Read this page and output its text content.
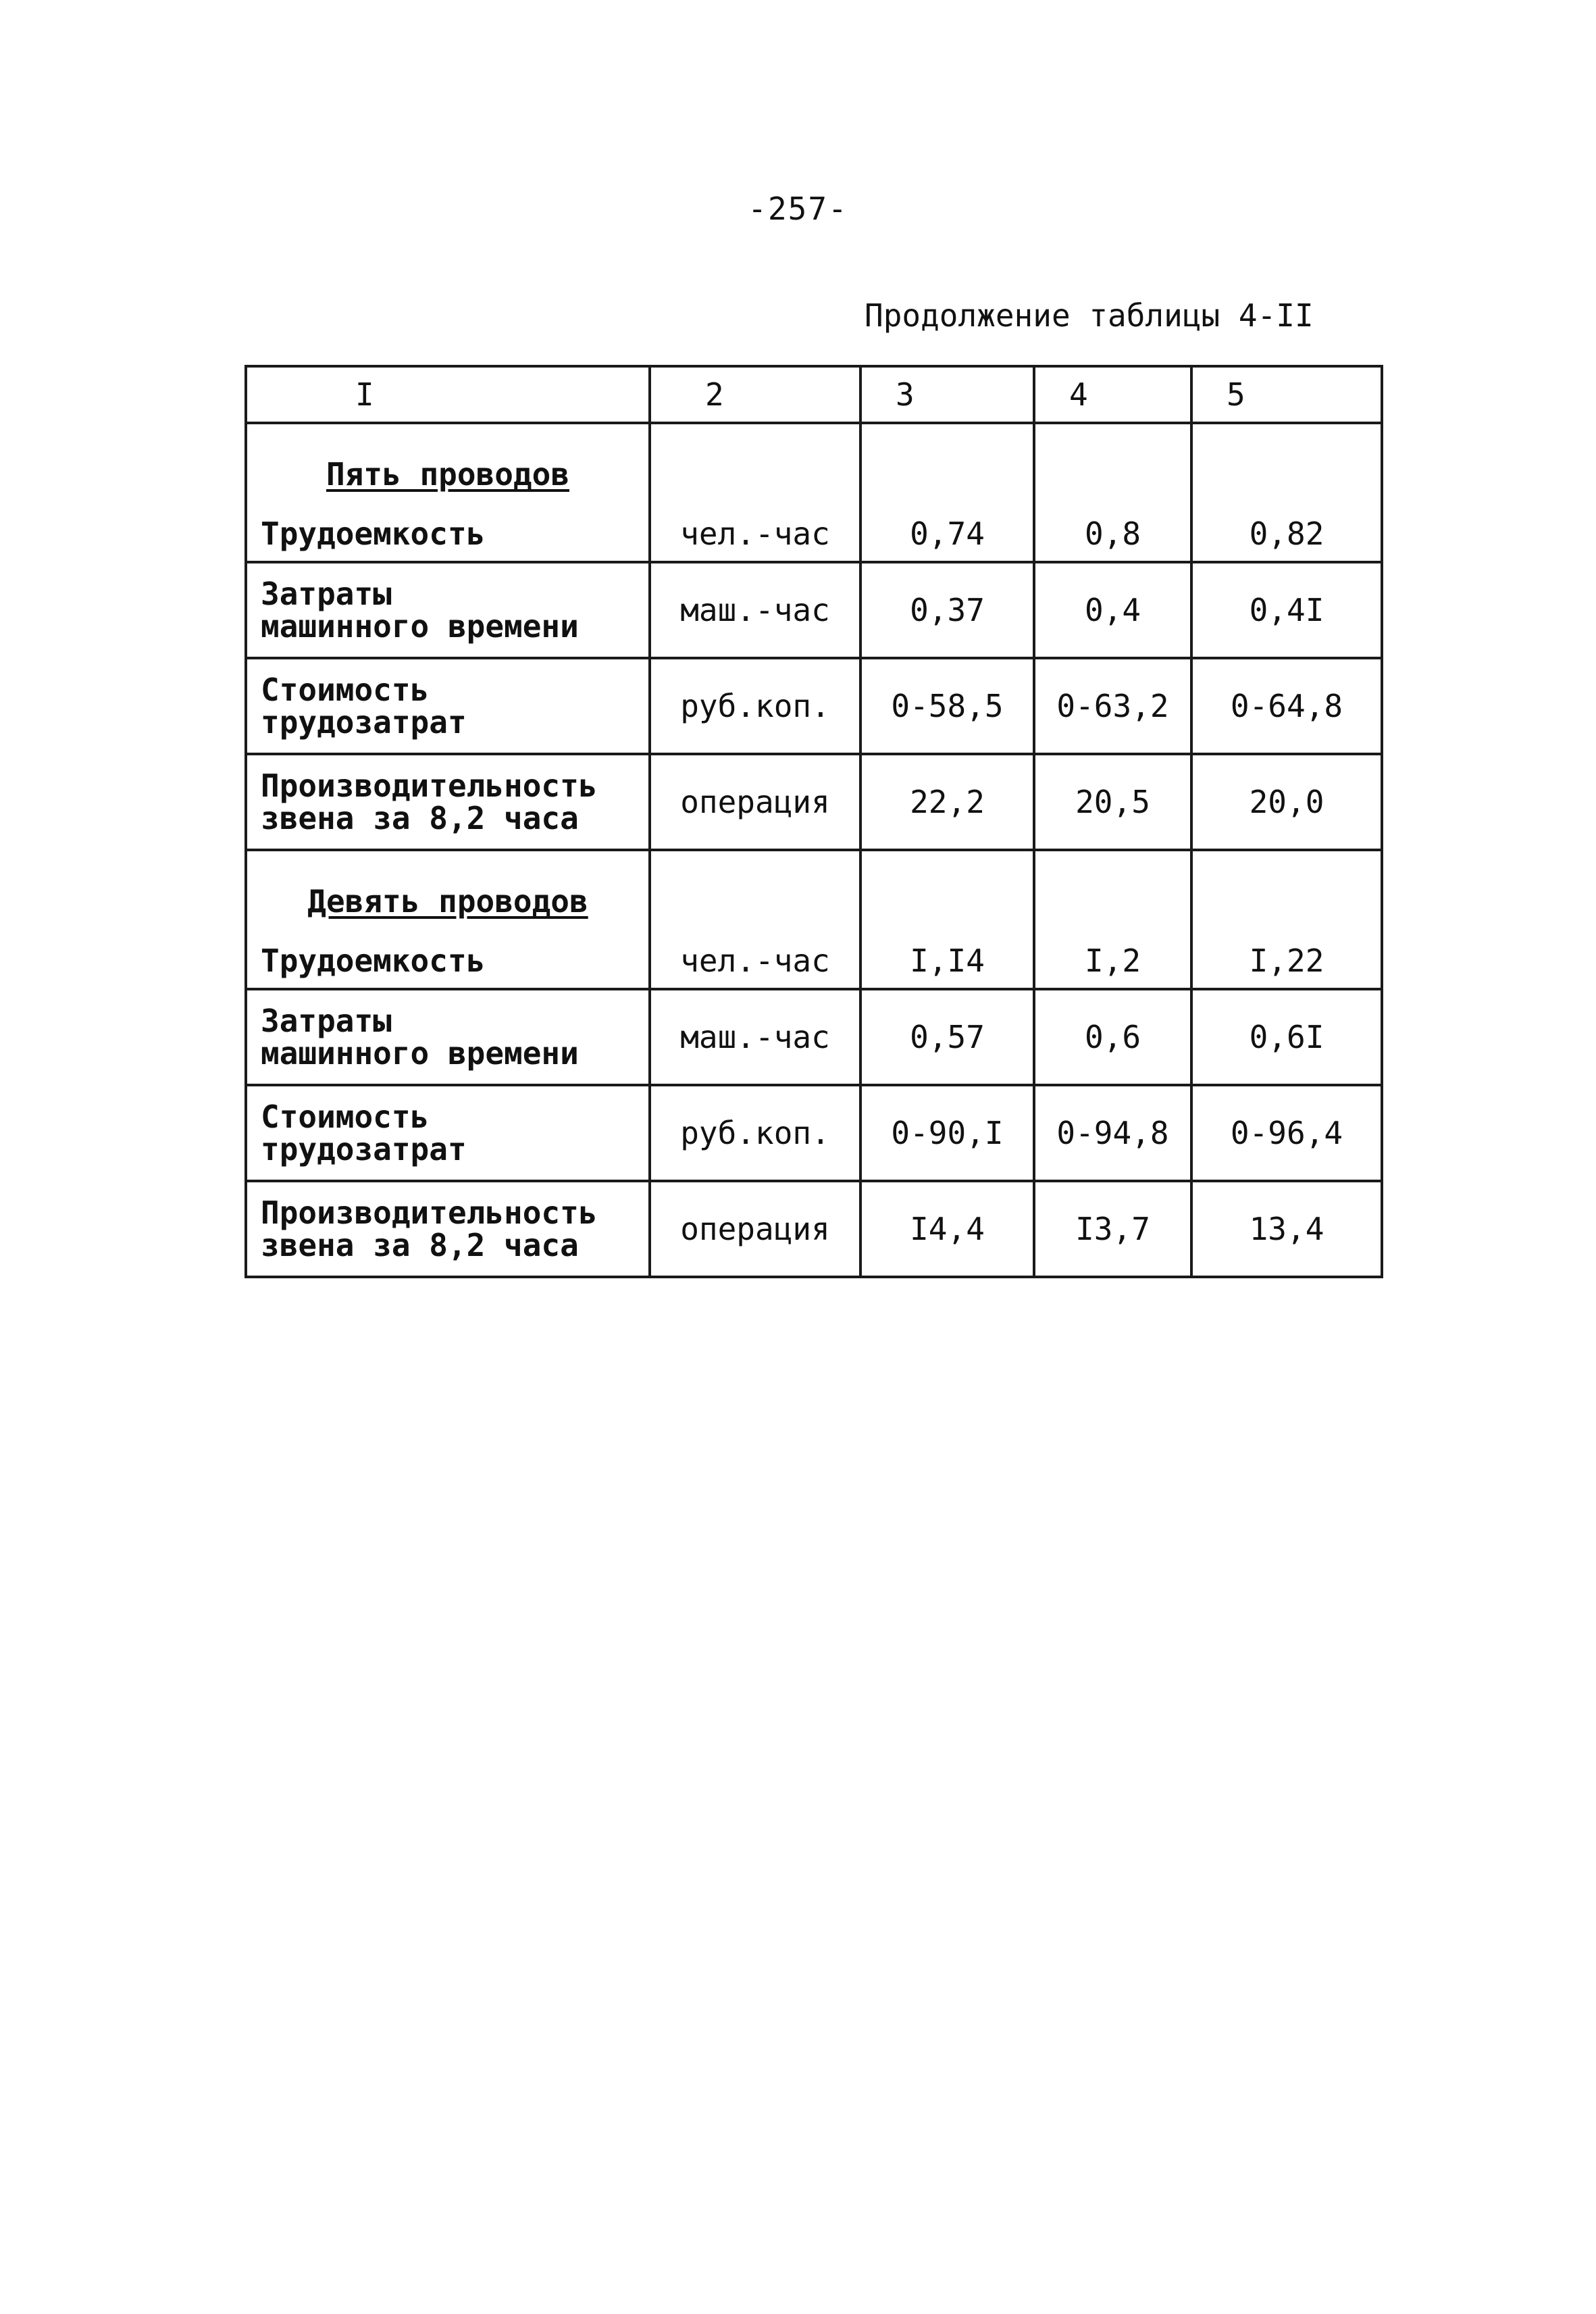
-257-
Продолжение таблицы 4-II
I	2	3	4	5

Пять проводов
Трудоемкость	чел.-час	0,74	0,8	0,82

Затраты
машинного времени	маш.-час	0,37	0,4	0,4I

Стоимость
трудозатрат	руб.коп.	0-58,5	0-63,2	0-64,8

Производительность
звена за 8,2 часа	операция	22,2	20,5	20,0

Девять проводов
Трудоемкость	чел.-час	I,I4	I,2	I,22

Затраты
машинного времени	маш.-час	0,57	0,6	0,6I

Стоимость
трудозатрат	руб.коп.	0-90,I	0-94,8	0-96,4

Производительность
звена за 8,2 часа	операция	I4,4	I3,7	13,4
